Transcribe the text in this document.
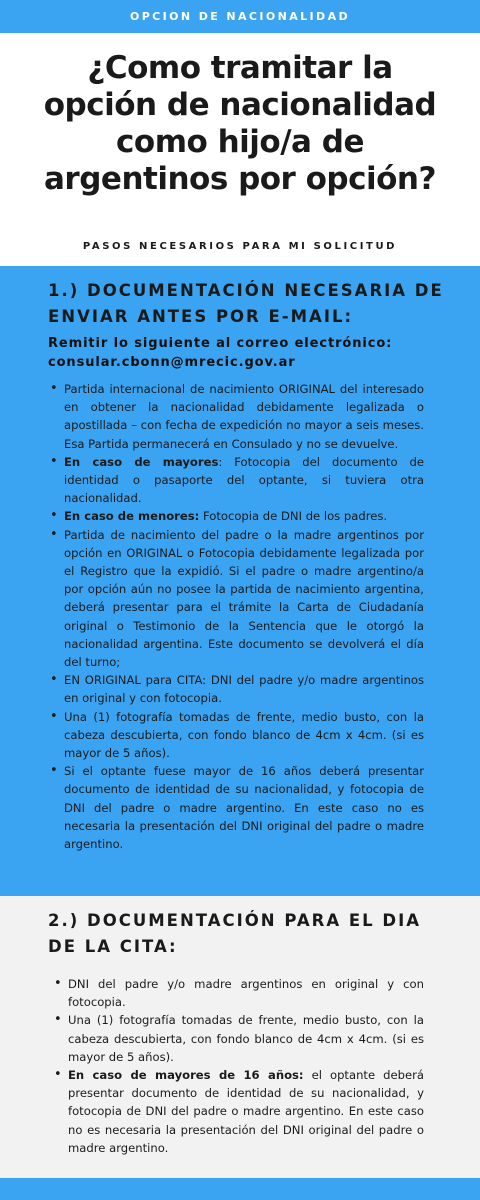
OPCION DE NACIONALIDAD
¿Como tramitar la opción de nacionalidad como hijo/a de argentinos por opción?
PASOS NECESARIOS PARA MI SOLICITUD
1.) DOCUMENTACIÓN NECESARIA DE ENVIAR ANTES POR E-MAIL:
Remitir lo siguiente al correo electrónico:
consular.cbonn@mrecic.gov.ar
• Partida internacional de nacimiento ORIGINAL del interesado en obtener la nacionalidad debidamente legalizada o apostillada – con fecha de expedición no mayor a seis meses. Esa Partida permanecerá en Consulado y no se devuelve.
• En caso de mayores: Fotocopia del documento de identidad o pasaporte del optante, si tuviera otra nacionalidad.
• En caso de menores: Fotocopia de DNI de los padres.
• Partida de nacimiento del padre o la madre argentinos por opción en ORIGINAL o Fotocopia debidamente legalizada por el Registro que la expidió. Si el padre o madre argentino/a por opción aún no posee la partida de nacimiento argentina, deberá presentar para el trámite la Carta de Ciudadanía original o Testimonio de la Sentencia que le otorgó la nacionalidad argentina. Este documento se devolverá el día del turno;
• EN ORIGINAL para CITA: DNI del padre y/o madre argentinos en original y con fotocopia.
• Una (1) fotografía tomadas de frente, medio busto, con la cabeza descubierta, con fondo blanco de 4cm x 4cm. (si es mayor de 5 años).
• Si el optante fuese mayor de 16 años deberá presentar documento de identidad de su nacionalidad, y fotocopia de DNI del padre o madre argentino. En este caso no es necesaria la presentación del DNI original del padre o madre argentino.
2.) DOCUMENTACIÓN PARA EL DIA DE LA CITA:
• DNI del padre y/o madre argentinos en original y con fotocopia.
• Una (1) fotografía tomadas de frente, medio busto, con la cabeza descubierta, con fondo blanco de 4cm x 4cm. (si es mayor de 5 años).
• En caso de mayores de 16 años: el optante deberá presentar documento de identidad de su nacionalidad, y fotocopia de DNI del padre o madre argentino. En este caso no es necesaria la presentación del DNI original del padre o madre argentino.
